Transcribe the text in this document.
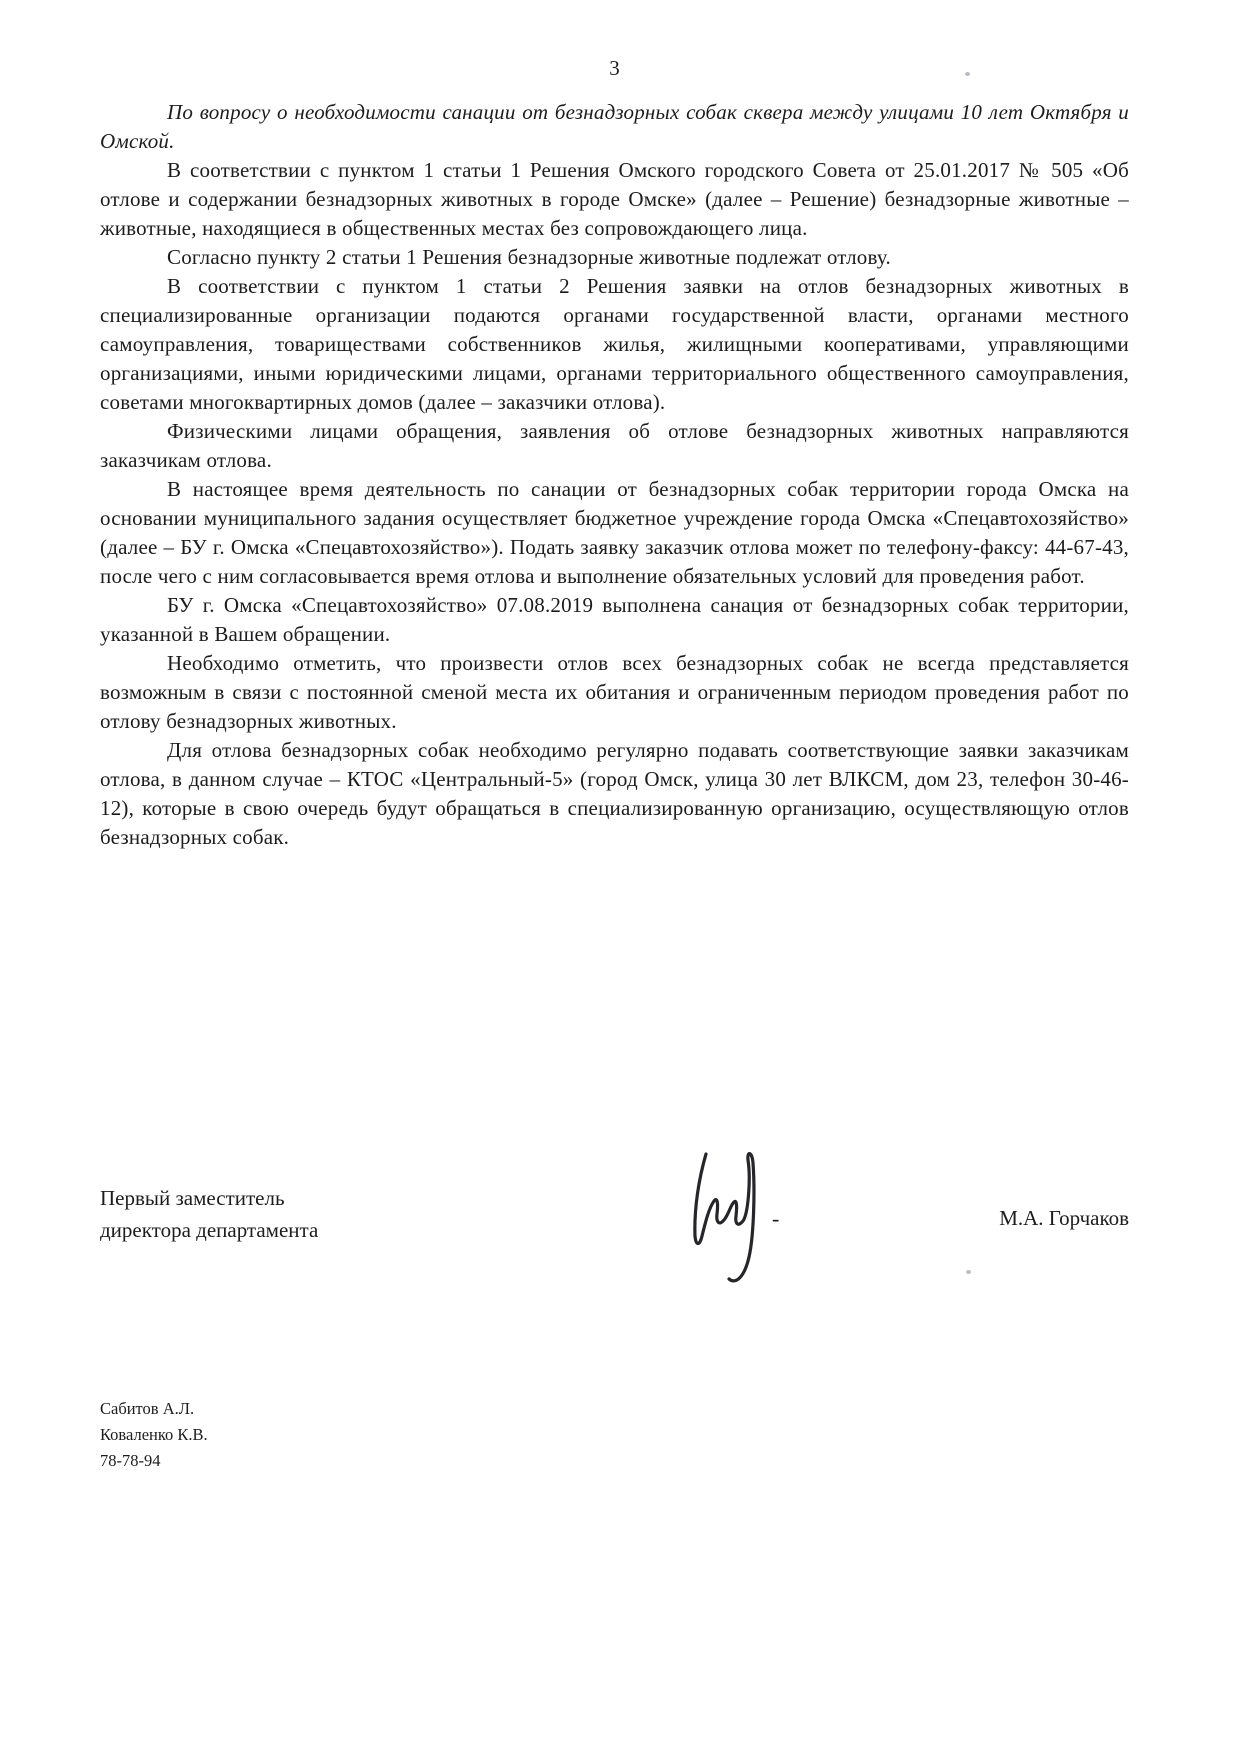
3

По вопросу о необходимости санации от безнадзорных собак сквера между улицами 10 лет Октября и Омской.

В соответствии с пунктом 1 статьи 1 Решения Омского городского Совета от 25.01.2017 № 505 «Об отлове и содержании безнадзорных животных в городе Омске» (далее – Решение) безнадзорные животные – животные, находящиеся в общественных местах без сопровождающего лица.

Согласно пункту 2 статьи 1 Решения безнадзорные животные подлежат отлову.

В соответствии с пунктом 1 статьи 2 Решения заявки на отлов безнадзорных животных в специализированные организации подаются органами государственной власти, органами местного самоуправления, товариществами собственников жилья, жилищными кооперативами, управляющими организациями, иными юридическими лицами, органами территориального общественного самоуправления, советами многоквартирных домов (далее – заказчики отлова).

Физическими лицами обращения, заявления об отлове безнадзорных животных направляются заказчикам отлова.

В настоящее время деятельность по санации от безнадзорных собак территории города Омска на основании муниципального задания осуществляет бюджетное учреждение города Омска «Спецавтохозяйство» (далее – БУ г. Омска «Спецавтохозяйство»). Подать заявку заказчик отлова может по телефону-факсу: 44-67-43, после чего с ним согласовывается время отлова и выполнение обязательных условий для проведения работ.

БУ г. Омска «Спецавтохозяйство» 07.08.2019 выполнена санация от безнадзорных собак территории, указанной в Вашем обращении.

Необходимо отметить, что произвести отлов всех безнадзорных собак не всегда представляется возможным в связи с постоянной сменой места их обитания и ограниченным периодом проведения работ по отлову безнадзорных животных.

Для отлова безнадзорных собак необходимо регулярно подавать соответствующие заявки заказчикам отлова, в данном случае – КТОС «Центральный-5» (город Омск, улица 30 лет ВЛКСМ, дом 23, телефон 30-46-12), которые в свою очередь будут обращаться в специализированную организацию, осуществляющую отлов безнадзорных собак.

Первый заместитель
директора департамента	-	М.А. Горчаков
Сабитов А.Л.
Коваленко К.В.
78-78-94
